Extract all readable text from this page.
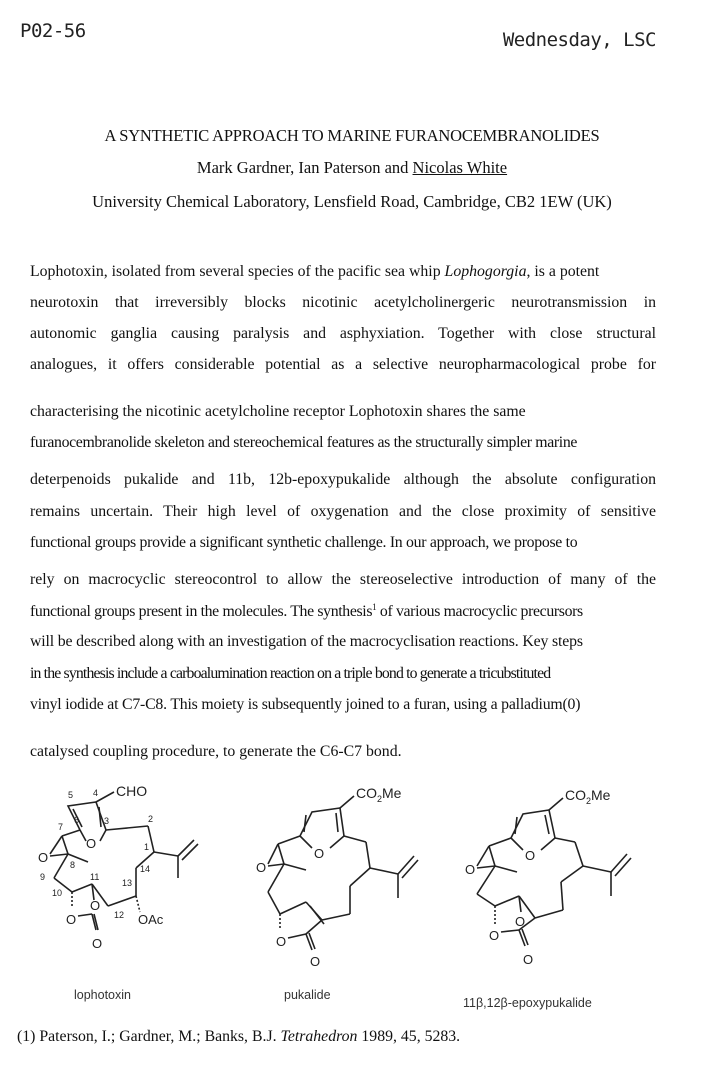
P02-56	Wednesday, LSC
A SYNTHETIC APPROACH TO MARINE FURANOCEMBRANOLIDES
Mark Gardner, Ian Paterson and Nicolas White
University Chemical Laboratory, Lensfield Road, Cambridge, CB2 1EW (UK)
Lophotoxin, isolated from several species of the pacific sea whip Lophogorgia, is a potent
neurotoxin that irreversibly blocks nicotinic acetylcholinergeric neurotransmission in
autonomic ganglia causing paralysis and asphyxiation. Together with close structural
analogues, it offers considerable potential as a selective neuropharmacological probe for
characterising the nicotinic acetylcholine receptor Lophotoxin shares the same
furanocembranolide skeleton and stereochemical features as the structurally simpler marine
deterpenoids pukalide and 11b, 12b-epoxypukalide although the absolute configuration
remains uncertain. Their high level of oxygenation and the close proximity of sensitive
functional groups provide a significant synthetic challenge. In our approach, we propose to
rely on macrocyclic stereocontrol to allow the stereoselective introduction of many of the
functional groups present in the molecules. The synthesis$^1$ of various macrocyclic precursors
will be described along with an investigation of the macrocyclisation reactions. Key steps
in the synthesis include a carboalumination reaction on a triple bond to generate a tricubstituted
vinyl iodide at C7-C8. This moiety is subsequently joined to a furan, using a palladium(0)
catalysed coupling procedure, to generate the C6-C7 bond.
O
O
O
O
O
CHO
OAc
1
2
3
4
5
6
7
8
9
10
11
12
13
14
lophotoxin
O
O
O
O
$CO_2Me$
pukalide
O
O
O
O
O
$CO_2Me$
11β,12β-epoxypukalide
(1) Paterson, I.; Gardner, M.; Banks, B.J. Tetrahedron 1989, 45, 5283.
